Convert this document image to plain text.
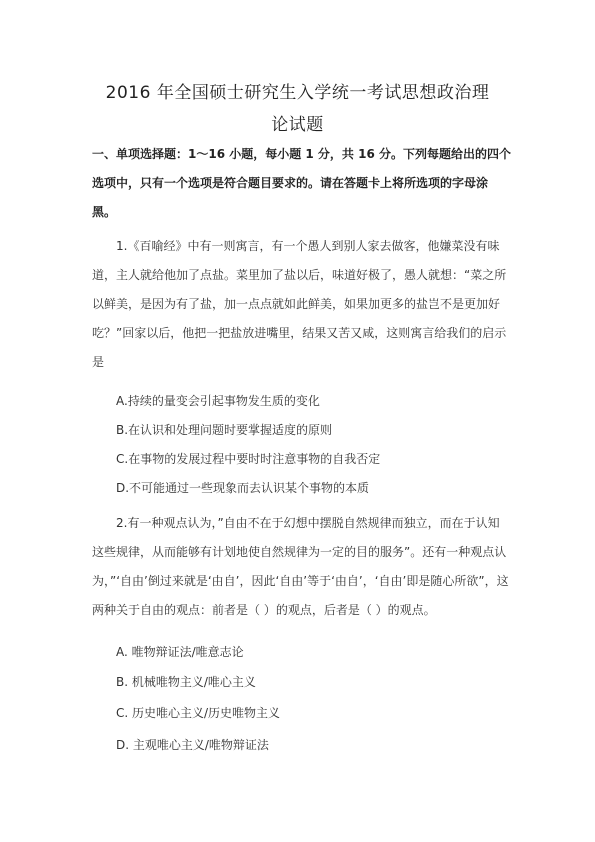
2016 年全国硕士研究生入学统一考试思想政治理
论试题
一、单项选择题：1～16 小题，每小题 1 分，共 16 分。下列每题给出的四个
选项中，只有一个选项是符合题目要求的。请在答题卡上将所选项的字母涂
黑。
1.《百喻经》中有一则寓言，有一个愚人到别人家去做客，他嫌菜没有味
道，主人就给他加了点盐。菜里加了盐以后，味道好极了，愚人就想：“菜之所
以鲜美，是因为有了盐，加一点点就如此鲜美，如果加更多的盐岂不是更加好
吃？”回家以后，他把一把盐放进嘴里，结果又苦又咸，这则寓言给我们的启示
是
A.持续的量变会引起事物发生质的变化
B.在认识和处理问题时要掌握适度的原则
C.在事物的发展过程中要时时注意事物的自我否定
D.不可能通过一些现象而去认识某个事物的本质
2.有一种观点认为，”自由不在于幻想中摆脱自然规律而独立，而在于认知
这些规律，从而能够有计划地使自然规律为一定的目的服务”。还有一种观点认
为，”‘自由’倒过来就是‘由自’，因此‘自由’等于‘由自’，‘自由’即是随心所欲”，这
两种关于自由的观点：前者是（ ）的观点，后者是（ ）的观点。
A. 唯物辩证法/唯意志论
B. 机械唯物主义/唯心主义
C. 历史唯心主义/历史唯物主义
D. 主观唯心主义/唯物辩证法
